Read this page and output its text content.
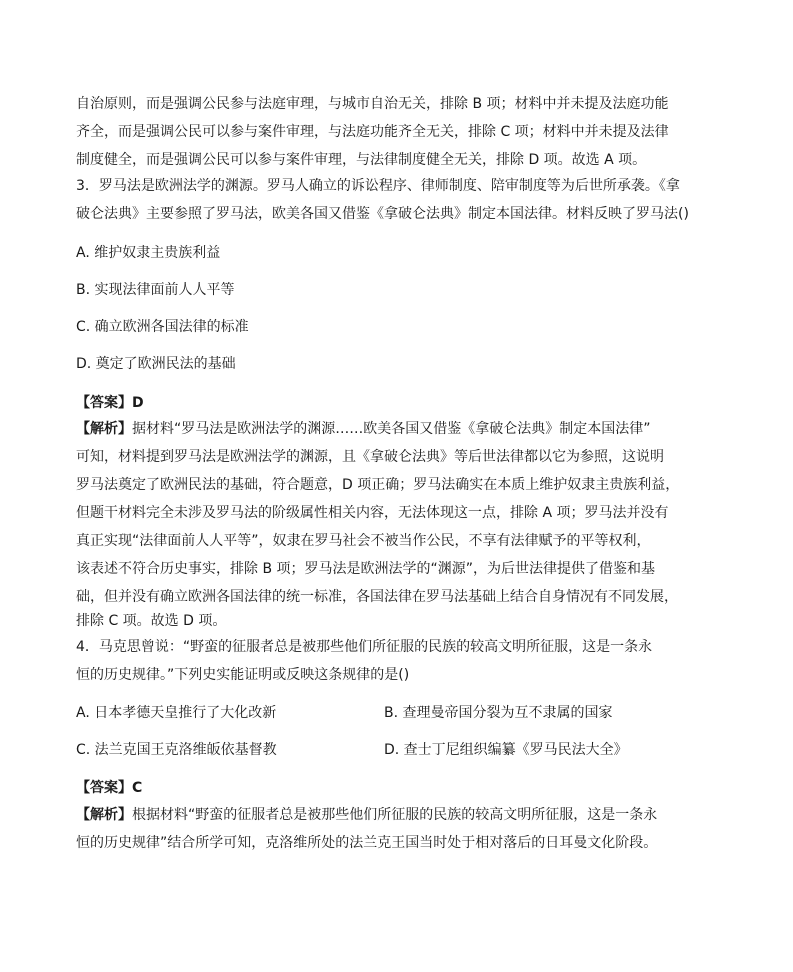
自治原则，而是强调公民参与法庭审理，与城市自治无关，排除 B 项；材料中并未提及法庭功能
齐全，而是强调公民可以参与案件审理，与法庭功能齐全无关，排除 C 项；材料中并未提及法律
制度健全，而是强调公民可以参与案件审理，与法律制度健全无关，排除 D 项。故选 A 项。
3．罗马法是欧洲法学的渊源。罗马人确立的诉讼程序、律师制度、陪审制度等为后世所承袭。《拿
破仑法典》主要参照了罗马法，欧美各国又借鉴《拿破仑法典》制定本国法律。材料反映了罗马法()
A. 维护奴隶主贵族利益
B. 实现法律面前人人平等
C. 确立欧洲各国法律的标准
D. 奠定了欧洲民法的基础
【答案】D
【解析】据材料“罗马法是欧洲法学的渊源……欧美各国又借鉴《拿破仑法典》制定本国法律”
可知，材料提到罗马法是欧洲法学的渊源，且《拿破仑法典》等后世法律都以它为参照，这说明
罗马法奠定了欧洲民法的基础，符合题意，D 项正确；罗马法确实在本质上维护奴隶主贵族利益，
但题干材料完全未涉及罗马法的阶级属性相关内容，无法体现这一点，排除 A 项；罗马法并没有
真正实现“法律面前人人平等”，奴隶在罗马社会不被当作公民，不享有法律赋予的平等权利，
该表述不符合历史事实，排除 B 项；罗马法是欧洲法学的“渊源”，为后世法律提供了借鉴和基
础，但并没有确立欧洲各国法律的统一标准，各国法律在罗马法基础上结合自身情况有不同发展，
排除 C 项。故选 D 项。
4．马克思曾说：“野蛮的征服者总是被那些他们所征服的民族的较高文明所征服，这是一条永
恒的历史规律。”下列史实能证明或反映这条规律的是()
A. 日本孝德天皇推行了大化改新	B. 查理曼帝国分裂为互不隶属的国家
C. 法兰克国王克洛维皈依基督教	D. 查士丁尼组织编纂《罗马民法大全》
【答案】C
【解析】根据材料“野蛮的征服者总是被那些他们所征服的民族的较高文明所征服，这是一条永
恒的历史规律”结合所学可知，克洛维所处的法兰克王国当时处于相对落后的日耳曼文化阶段。
